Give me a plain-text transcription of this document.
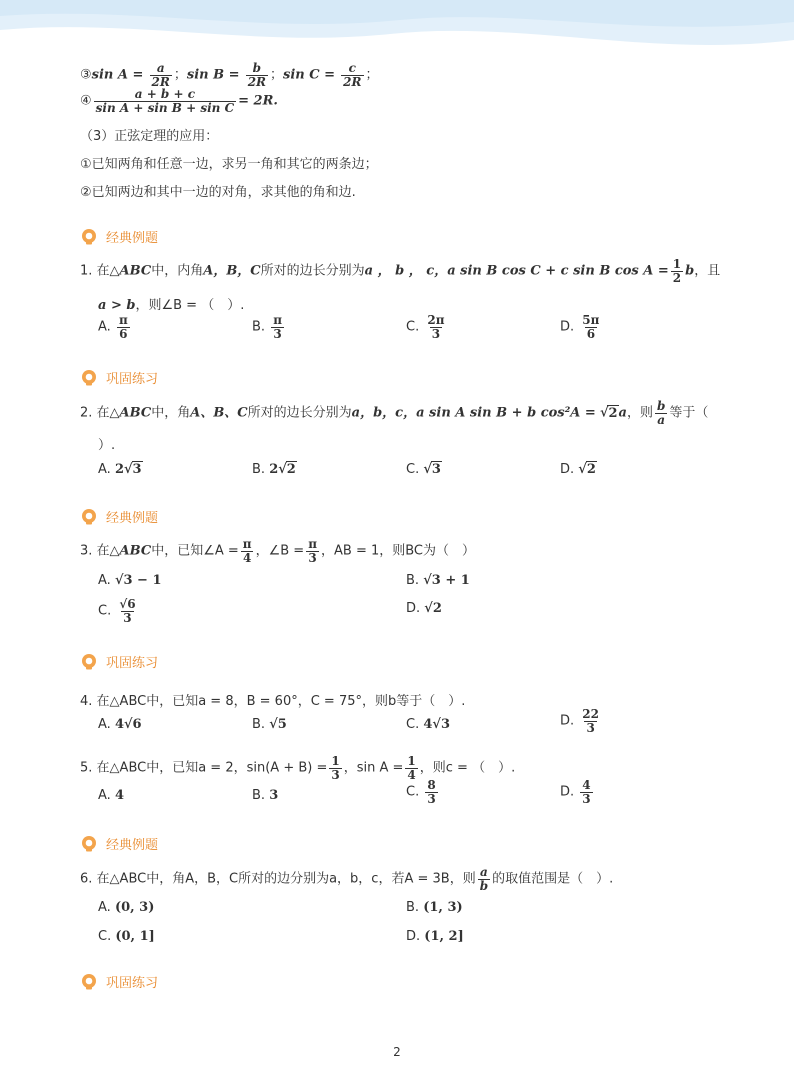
③sin $A = \frac{a}{2R}$ ；$\sin B = \frac{b}{2R}$ ；$\sin C = \frac{c}{2R}$ ；
④ $\frac{a + b + c}{\text{sin A + sin B + sin C}} = 2R$.
（3）正弦定理的应用：
①已知两角和任意一边，求另一角和其它的两条边；
②已知两边和其中一边的对角，求其他的角和边.
经典例题
1. 在△ABC中，内角A，B，C所对的边长分别为a ， b ， c，a sin B cos C + c sin B $\cos A = \frac{1}{2}$ b，且
a > b，则∠B = （　）.
A. $\frac{\pi}{6}$	B. $\frac{\pi}{3}$	C. $\frac{2\pi}{3}$	D. $\frac{5\pi}{6}$
巩固练习
2. 在△ABC中，角A、B、C所对的边长分别为a，b，c，a sin A sin B + b cos²A = √2a，则 $\frac{b}{a}$ 等于（
）.
A. 2√3	B. 2√2	C. √3	D. √2
经典例题
3. 在△ABC中，已知∠A = $\frac{\pi}{4}$ ，∠B = $\frac{\pi}{3}$ ，AB = 1，则BC为（　）
A. √3 − 1	B. √3 + 1
C. $\frac{√6}{3}$	D. √2
巩固练习
4. 在△ABC中，已知a = 8，B = 60°，C = 75°，则b等于（　）.
A. 4√6	B. √5	C. 4√3	D. $\frac{22}{3}$
5. 在△ABC中，已知a = 2，$\sin(A + B) = \frac{1}{3}$ ，$\sin A = \frac{1}{4}$ ，则c = （　）.
A. 4	B. 3	C. $\frac{8}{3}$	D. $\frac{4}{3}$
经典例题
6. 在△ABC中，角A，B，C所对的边分别为a，b，c，若A = 3B，则 $\frac{a}{b}$ 的取值范围是（　）.
A. (0, 3)	B. (1, 3)
C. (0, 1]	D. (1, 2]
巩固练习
2
